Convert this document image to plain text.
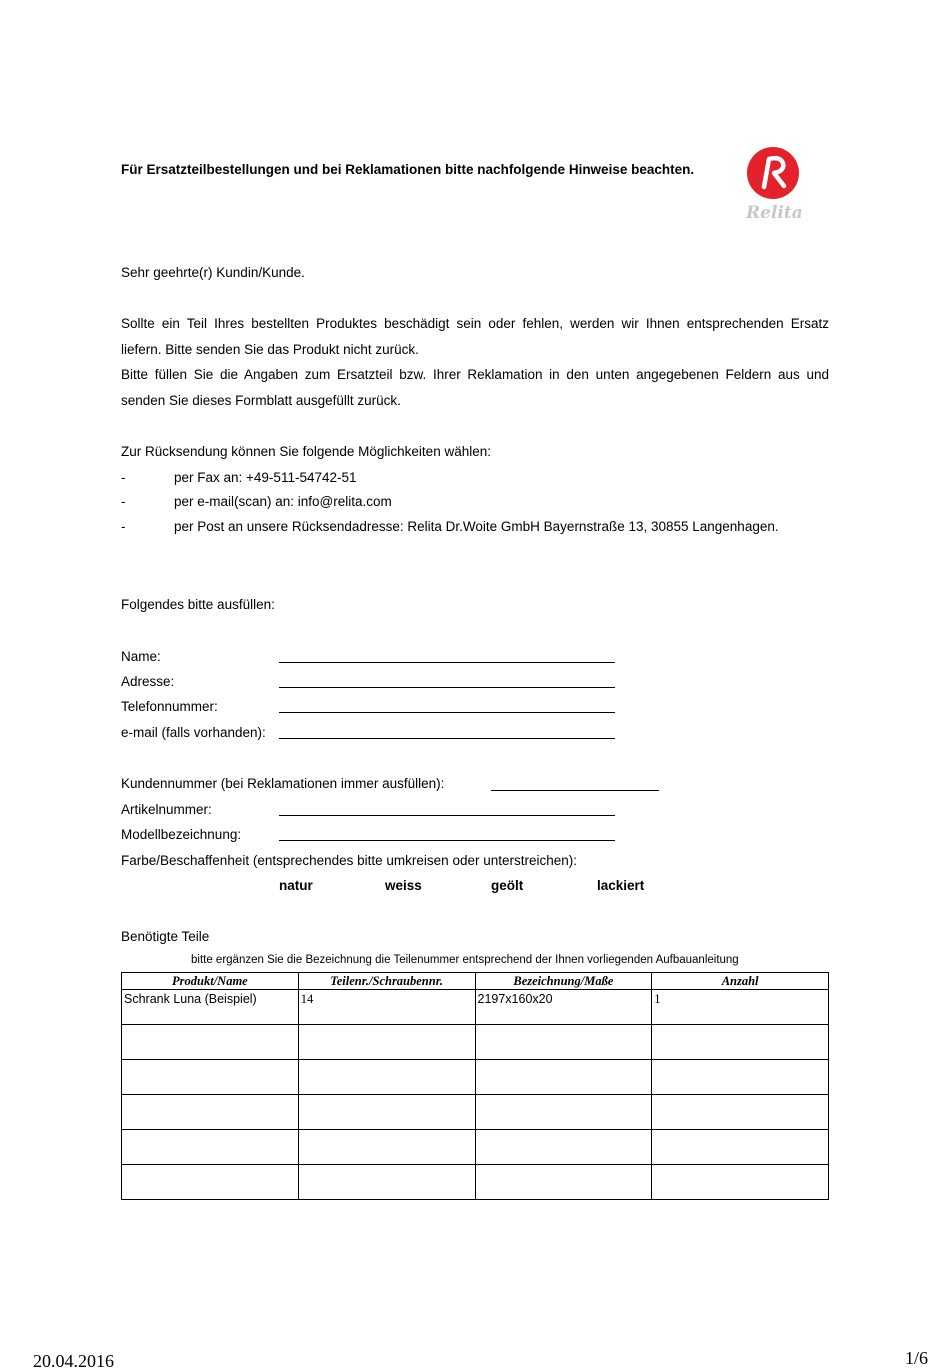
Für Ersatzteilbestellungen und bei Reklamationen bitte nachfolgende Hinweise beachten.
Relita
Sehr geehrte(r) Kundin/Kunde.
Sollte ein Teil Ihres bestellten Produktes beschädigt sein oder fehlen, werden wir Ihnen entsprechenden Ersatz
liefern. Bitte senden Sie das Produkt nicht zurück.
Bitte füllen Sie die Angaben zum Ersatzteil bzw. Ihrer Reklamation in den unten angegebenen Feldern aus und
senden Sie dieses Formblatt ausgefüllt zurück.
Zur Rücksendung können Sie folgende Möglichkeiten wählen:
-	per Fax an: +49-511-54742-51
-	per e-mail(scan) an: info@relita.com
-	per Post an unsere Rücksendadresse: Relita Dr.Woite GmbH Bayernstraße 13, 30855 Langenhagen.
Folgendes bitte ausfüllen:
Name:
Adresse:
Telefonnummer:
e-mail (falls vorhanden):
Kundennummer (bei Reklamationen immer ausfüllen):
Artikelnummer:
Modellbezeichnung:
Farbe/Beschaffenheit (entsprechendes bitte umkreisen oder unterstreichen):
natur	weiss	geölt	lackiert
Benötigte Teile
bitte ergänzen Sie die Bezeichnung die Teilenummer entsprechend der Ihnen vorliegenden Aufbauanleitung
Produkt/Name	Teilenr./Schraubennr.	Bezeichnung/Maße	Anzahl
Schrank Luna (Beispiel)	14	2197x160x20	1

20.04.2016	1/6
